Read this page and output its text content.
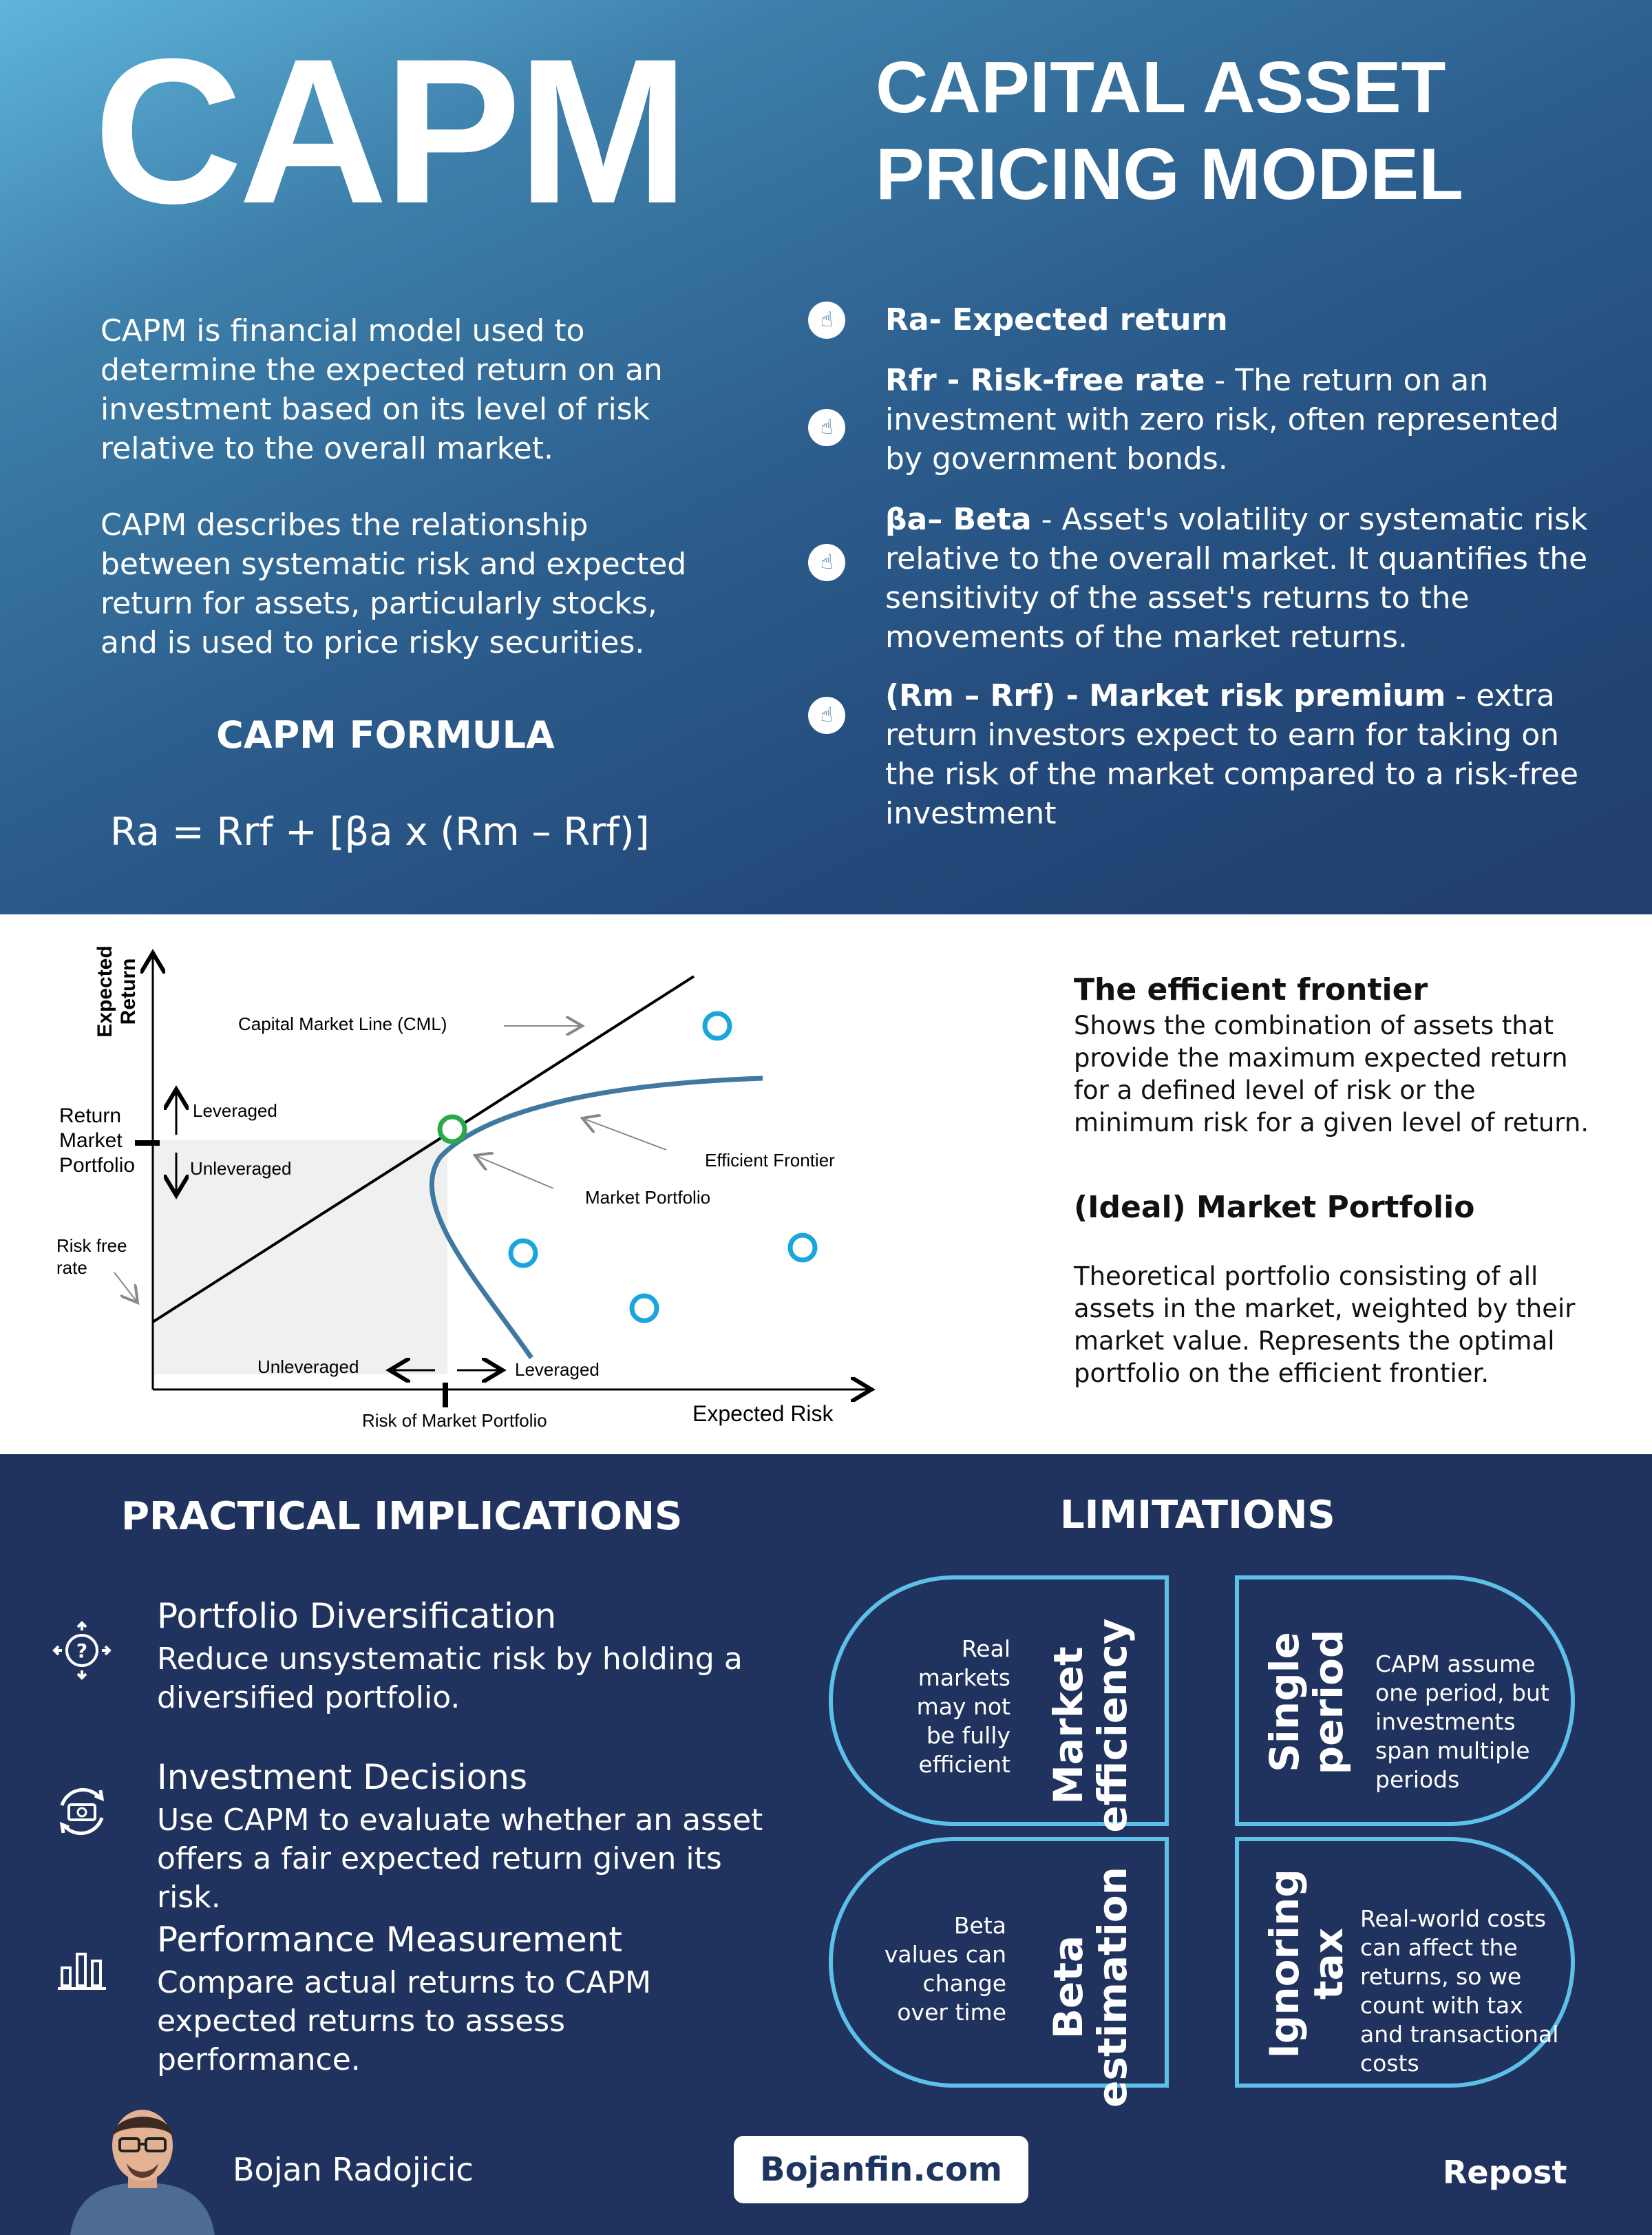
CAPM	CAPITAL ASSET
PRICING MODEL
CAPM is financial model used to determine the expected return on an investment based on its level of risk relative to the overall market.
CAPM describes the relationship between systematic risk and expected return for assets, particularly stocks, and is used to price risky securities.
CAPM FORMULA
Ra = Rrf + [βa x (Rm – Rrf)]
☝	Ra- Expected return
☝
Rfr - Risk-free rate - The return on an investment with zero risk, often represented by government bonds.
☝
βa– Beta - Asset's volatility or systematic risk relative to the overall market. It quantifies the sensitivity of the asset's returns to the movements of the market returns.
☝
(Rm – Rrf) - Market risk premium - extra return investors expect to earn for taking on the risk of the market compared to a risk-free investment
ExpectedReturn	Capital Market Line (CML)
Efficient Frontier
Market Portfolio
Return
Market
Portfolio
Risk free
rate
Leveraged
Unleveraged
Unleveraged	Leveraged
Risk of Market Portfolio	Expected Risk
The efficient frontier
Shows the combination of assets that provide the maximum expected return for a defined level of risk or the minimum risk for a given level of return.
(Ideal) Market Portfolio
Theoretical portfolio consisting of all assets in the market, weighted by their market value. Represents the optimal portfolio on the efficient frontier.
PRACTICAL IMPLICATIONS	LIMITATIONS
?
Portfolio Diversification
Reduce unsystematic risk by holding a diversified portfolio.
Investment Decisions
Use CAPM to evaluate whether an asset offers a fair expected return given its risk.
Performance Measurement
Compare actual returns to CAPM expected returns to assess performance.
Real markets may not be fully efficient Market
efficiency	Single
period CAPM assume one period, but investments span multiple periods
Beta values can change over time Beta
estimation	Ignoring
tax
Real-world costs can affect the returns, so we count with tax and transactional costs
Bojan Radojicic	Bojanfin.com	Repost
